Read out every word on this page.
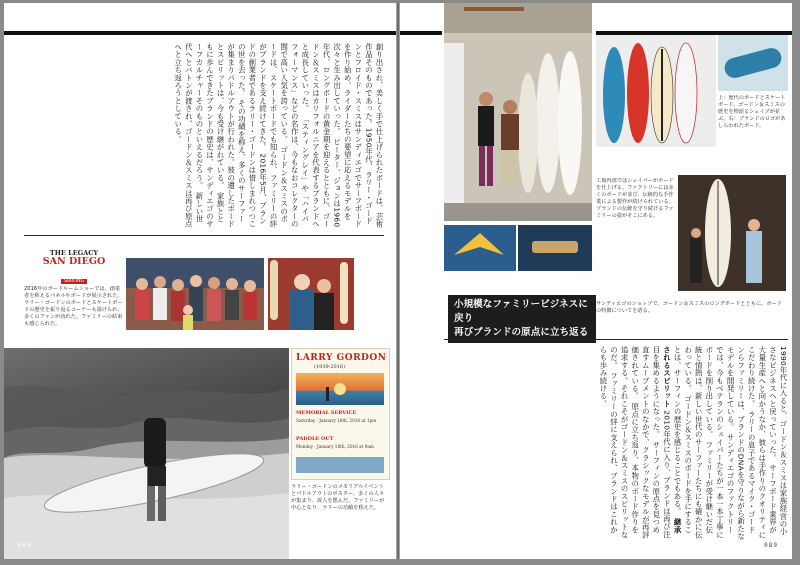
創り出され、美しく手で仕上げられたボードは、芸術作品そのものであった。1950年代、ラリー・ゴードンとフロイド・スミスはサンディエゴでサーフボードを作り始め、ライダーたちの要望に応えるモデルを次々と生み出していった。 ピーター、ジョンは1960年代、ロングボードの黄金期を迎えるとともに、ゴードン＆スミスはカリフォルニアを代表するブランドへと成長していった。 「スティングレイ」や「ハイパフォーマンス」などの名作は、今もなおコレクターの間で高い人気を誇っている。 ゴードン＆スミスのボードは、スケートボードでも知られ、ファミリーの絆がブランドを支え続けてきた。 2016年5月、ブランドの創業者であるラリー・ゴードンは惜しまれつつこの世を去った。 その功績を称え、多くのサーファーが集まりパドルアウトが行われた。彼の遺したボードとスピリットは、今も受け継がれている。 家族とともに歩んできたブランドの歴史は、サンディエゴのサーフカルチャーそのものといえるだろう。 新しい世代へとバトンが渡され、ゴードン＆スミスは再び原点へと立ち返ろうとしている。
THE LEGACY
SAN DIEGO
SURFING
2016年のボードルームショーでは、創業者を称えるパネルやボードが展示された。ラリー・ゴードンのボードとスケートボードの歴史を振り返るコーナーも設けられ、多くのファンが訪れた。ファミリーの結束も感じられた。
LARRY GORDON
(1939-2016)
MEMORIAL SERVICE
Saturday · January 16th, 2016 at 1pm
PADDLE OUT
Monday · January 18th, 2016 at 9am
ラリー・ゴードンのメモリアルイベントとパドルアウトのポスター。多くの人々が集まり、故人を偲んだ。ファミリーが中心となり、ラリーの功績を称えた。
088
上：歴代のボードとスケートボード。ゴードン＆スミスの歴史を物語るシェイプが並ぶ。右：ブランドのロゴがあしらわれたボード。
工場内部ではシェイパーがボードを仕上げる。ファクトリーには多くのボードが並び、伝統的な手作業による製作が続けられている。ブランドの伝統を守り続けるファミリーの姿がそこにある。
サンディエゴのショップで、ゴードン＆スミスのロングボードとともに。ボードの特徴についてを語る。
小規模なファミリービジネスに戻り
再びブランドの原点に立ち返る
1990年代に入ると、ゴードン＆スミスは家族経営の小さなビジネスへと戻っていった。 サーフボード業界が大量生産へと向かうなか、彼らは手作りのクオリティにこだわり続けた。 ラリーの息子であるマイク・ゴードンらファミリーは、ブランドのDNAを守りながら新たなモデルを開発している。 サンディエゴのファクトリーでは、今もベテランのシェイパーたちが一本一本丁寧にボードを削り出している。 ファミリーが受け継いだ伝統と情熱は、新しい世代のサーファーたちにも確かに伝わっている。 ゴードン＆スミスのボードを手にすることは、サーフィンの歴史を感じることでもある。 継承されるスピリット 2010年代に入り、ブランドは再び注目を集めるようになった。 サーフィンの原点を見つめ直すムーブメントのなかで、クラシックなモデルが再評価されている。 原点に立ち返り、本物のボード作りを追求する。それこそがゴードン＆スミスのスピリットなのだ。 ファミリーの絆に支えられ、ブランドはこれからも歩み続ける。
089
